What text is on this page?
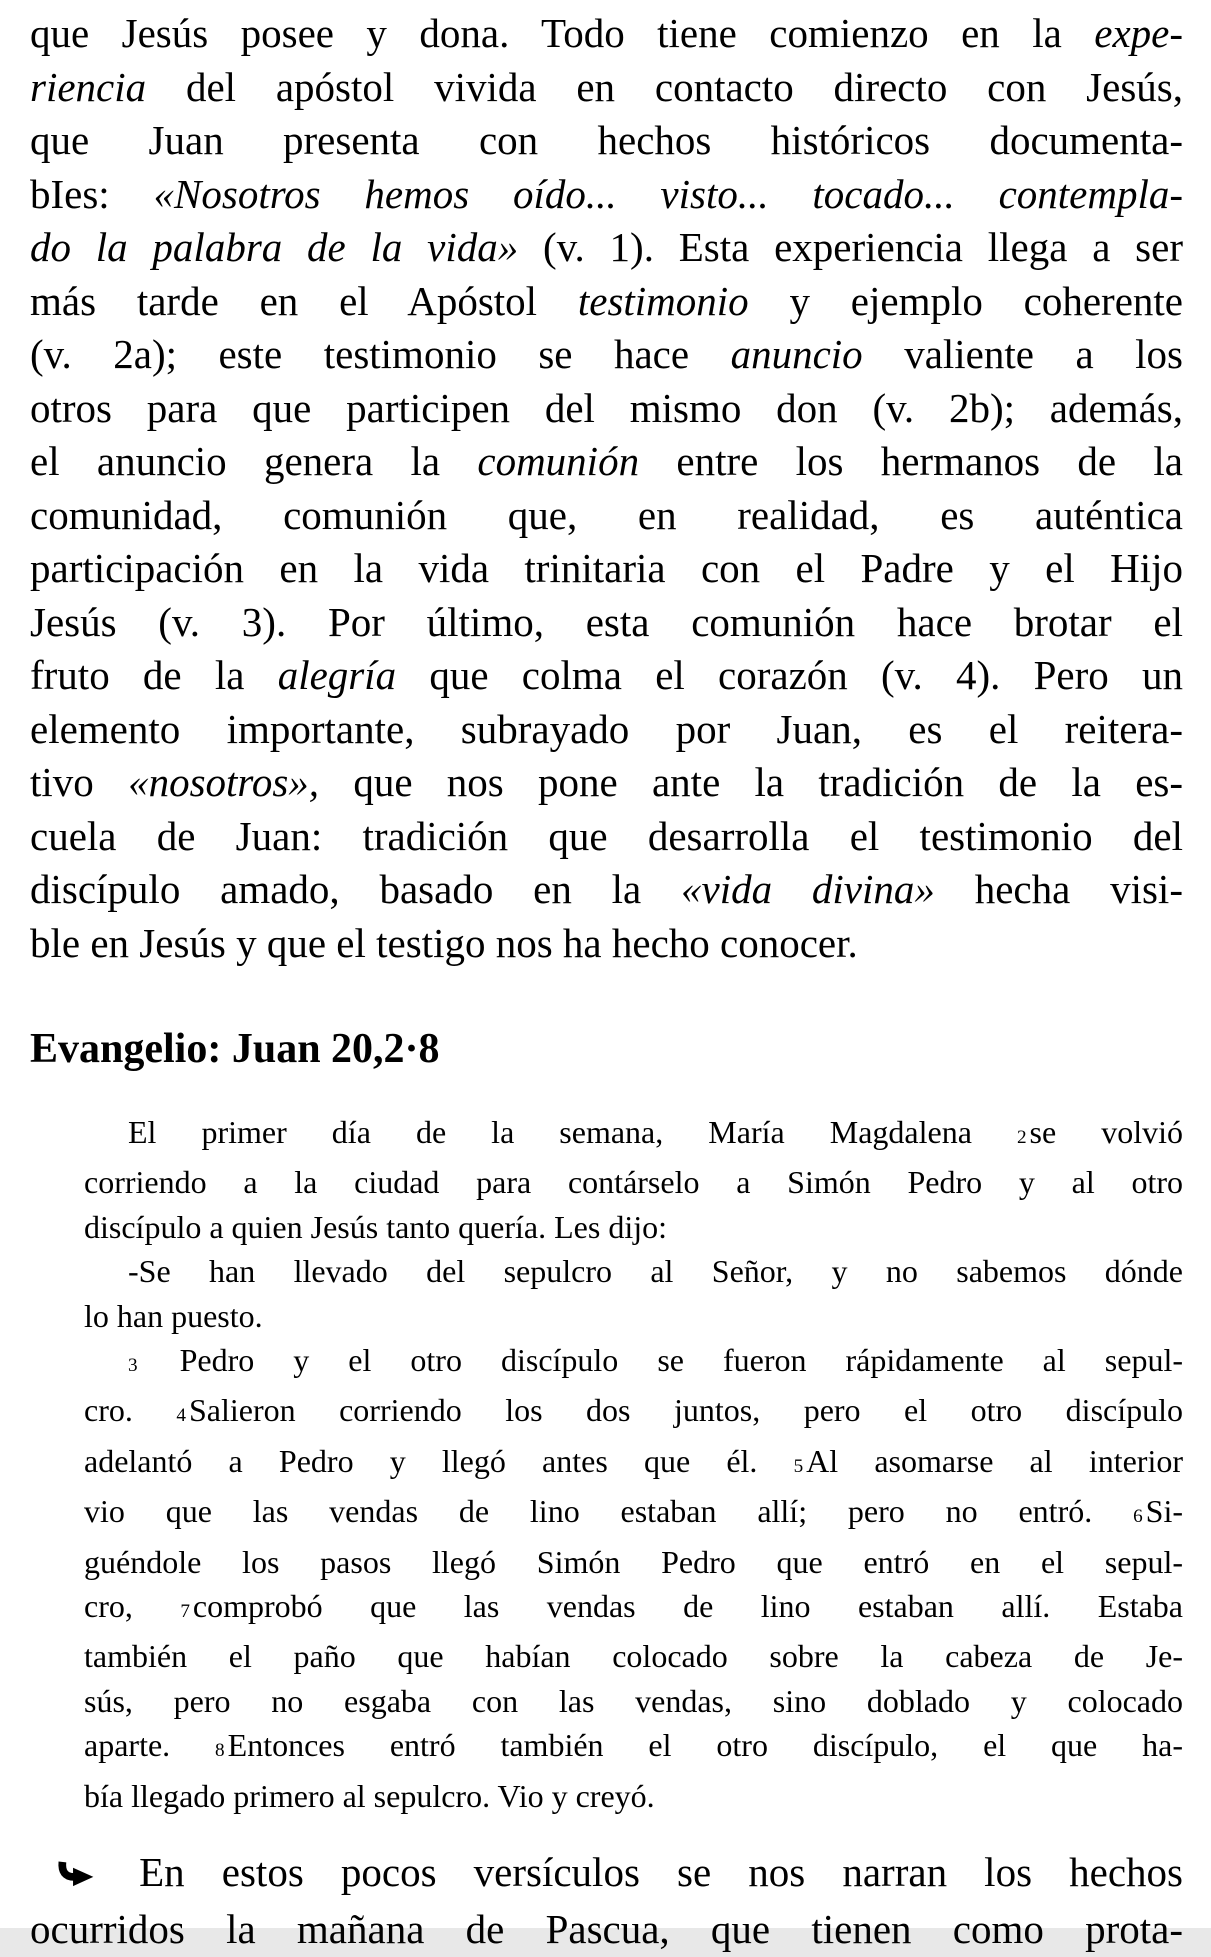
que Jesús posee y dona. Todo tiene comienzo en la expe-
riencia del apóstol vivida en contacto directo con Jesús,
que Juan presenta con hechos históricos documenta-
bIes: «Nosotros hemos oído... visto... tocado... contempla-
do la palabra de la vida» (v. 1). Esta experiencia llega a ser
más tarde en el Apóstol testimonio y ejemplo coherente
(v. 2a); este testimonio se hace anuncio valiente a los
otros para que participen del mismo don (v. 2b); además,
el anuncio genera la comunión entre los hermanos de la
comunidad, comunión que, en realidad, es auténtica
participación en la vida trinitaria con el Padre y el Hijo
Jesús (v. 3). Por último, esta comunión hace brotar el
fruto de la alegría que colma el corazón (v. 4). Pero un
elemento importante, subrayado por Juan, es el reitera-
tivo «nosotros», que nos pone ante la tradición de la es-
cuela de Juan: tradición que desarrolla el testimonio del
discípulo amado, basado en la «vida divina» hecha visi-
ble en Jesús y que el testigo nos ha hecho conocer.
Evangelio: Juan 20,2·8
El primer día de la semana, María Magdalena 2se volvió
corriendo a la ciudad para contárselo a Simón Pedro y al otro
discípulo a quien Jesús tanto quería. Les dijo:
-Se han llevado del sepulcro al Señor, y no sabemos dónde
lo han puesto.
3 Pedro y el otro discípulo se fueron rápidamente al sepul-
cro. 4Salieron corriendo los dos juntos, pero el otro discípulo
adelantó a Pedro y llegó antes que él. 5Al asomarse al interior
vio que las vendas de lino estaban allí; pero no entró. 6Si-
guéndole los pasos llegó Simón Pedro que entró en el sepul-
cro, 7comprobó que las vendas de lino estaban allí. Estaba
también el paño que habían colocado sobre la cabeza de Je-
sús, pero no esgaba con las vendas, sino doblado y colocado
aparte. 8Entonces entró también el otro discípulo, el que ha-
bía llegado primero al sepulcro. Vio y creyó.
En estos pocos versículos se nos narran los hechos
ocurridos la mañana de Pascua, que tienen como prota-
